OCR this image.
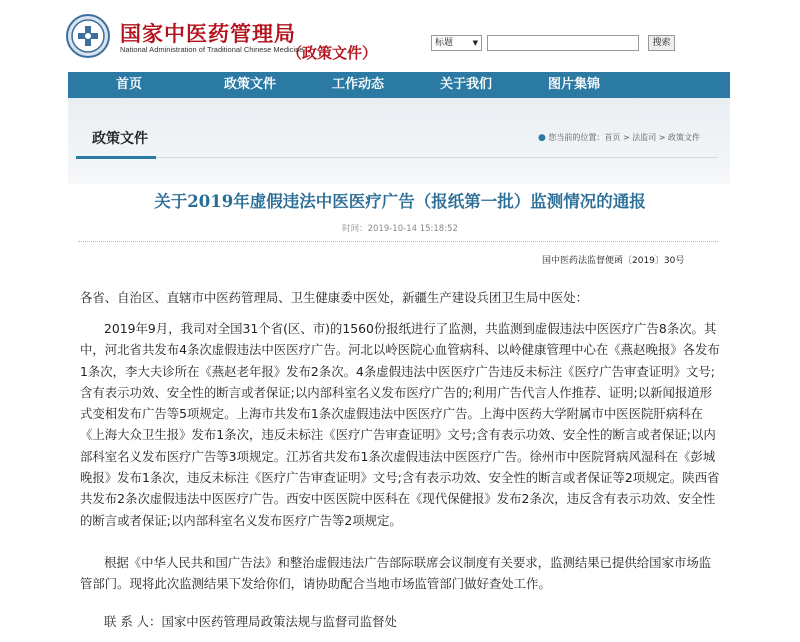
国家中医药管理局
National Administration of Traditional Chinese Medicine
（政策文件）
标题	▼	搜索
首页	政策文件	工作动态	关于我们	图片集锦
政策文件	● 您当前的位置：首页 > 法监司 > 政策文件
关于2019年虚假违法中医医疗广告（报纸第一批）监测情况的通报
时间：2019-10-14 15:18:52
国中医药法监督便函〔2019〕30号
各省、自治区、直辖市中医药管理局、卫生健康委中医处，新疆生产建设兵团卫生局中医处：
2019年9月，我司对全国31个省(区、市)的1560份报纸进行了监测，共监测到虚假违法中医医疗广告8条次。其中，河北省共发布4条次虚假违法中医医疗广告。河北以岭医院心血管病科、以岭健康管理中心在《燕赵晚报》各发布1条次，李大夫诊所在《燕赵老年报》发布2条次。4条虚假违法中医医疗广告违反未标注《医疗广告审查证明》文号;含有表示功效、安全性的断言或者保证;以内部科室名义发布医疗广告的;利用广告代言人作推荐、证明;以新闻报道形式变相发布广告等5项规定。上海市共发布1条次虚假违法中医医疗广告。上海中医药大学附属市中医医院肝病科在《上海大众卫生报》发布1条次，违反未标注《医疗广告审查证明》文号;含有表示功效、安全性的断言或者保证;以内部科室名义发布医疗广告等3项规定。江苏省共发布1条次虚假违法中医医疗广告。徐州市中医院肾病风湿科在《彭城晚报》发布1条次，违反未标注《医疗广告审查证明》文号;含有表示功效、安全性的断言或者保证等2项规定。陕西省共发布2条次虚假违法中医医疗广告。西安中医医院中医科在《现代保健报》发布2条次，违反含有表示功效、安全性的断言或者保证;以内部科室名义发布医疗广告等2项规定。
根据《中华人民共和国广告法》和整治虚假违法广告部际联席会议制度有关要求，监测结果已提供给国家市场监管部门。现将此次监测结果下发给你们，请协助配合当地市场监管部门做好查处工作。
联 系 人：国家中医药管理局政策法规与监督司监督处
